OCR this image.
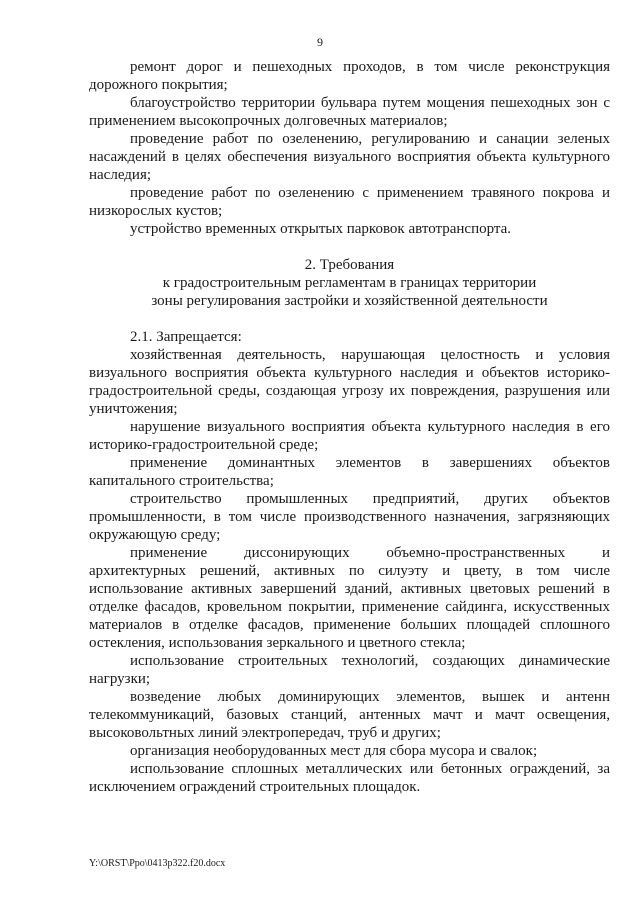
9

ремонт дорог и пешеходных проходов, в том числе реконструкция дорожного покрытия;

благоустройство территории бульвара путем мощения пешеходных зон с применением высокопрочных долговечных материалов;

проведение работ по озеленению, регулированию и санации зеленых насаждений в целях обеспечения визуального восприятия объекта культурного наследия;

проведение работ по озеленению с применением травяного покрова и низкорослых кустов;

устройство временных открытых парковок автотранспорта.

2. Требования

к градостроительным регламентам в границах территории

зоны регулирования застройки и хозяйственной деятельности

2.1. Запрещается:

хозяйственная деятельность, нарушающая целостность и условия визуального восприятия объекта культурного наследия и объектов историко-градостроительной среды, создающая угрозу их повреждения, разрушения или уничтожения;

нарушение визуального восприятия объекта культурного наследия в его историко-градостроительной среде;

применение доминантных элементов в завершениях объектов капитального строительства;

строительство промышленных предприятий, других объектов промышленности, в том числе производственного назначения, загрязняющих окружающую среду;

применение диссонирующих объемно-пространственных и архитектурных решений, активных по силуэту и цвету, в том числе использование активных завершений зданий, активных цветовых решений в отделке фасадов, кровельном покрытии, применение сайдинга, искусственных материалов в отделке фасадов, применение больших площадей сплошного остекления, использования зеркального и цветного стекла;

использование строительных технологий, создающих динамические нагрузки;

возведение любых доминирующих элементов, вышек и антенн телекоммуникаций, базовых станций, антенных мачт и мачт освещения, высоковольтных линий электропередач, труб и других;

организация необорудованных мест для сбора мусора и свалок;

использование сплошных металлических или бетонных ограждений, за исключением ограждений строительных площадок.

Y:\ORST\Ppo\0413p322.f20.docx
